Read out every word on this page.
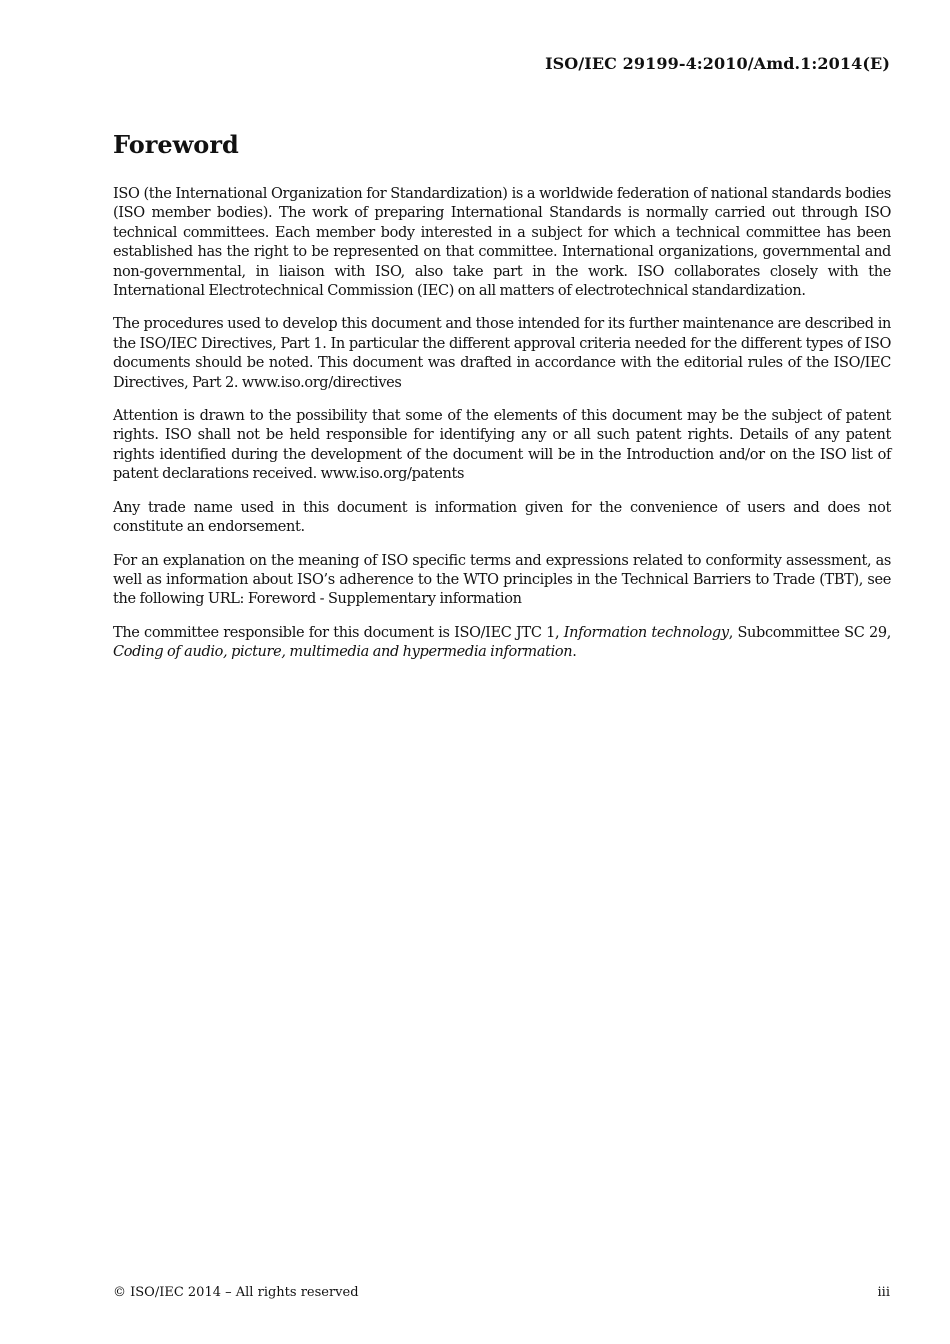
ISO/IEC 29199-4:2010/Amd.1:2014(E)
Foreword

ISO (the International Organization for Standardization) is a worldwide federation of national standards bodies (ISO member bodies). The work of preparing International Standards is normally carried out through ISO technical committees. Each member body interested in a subject for which a technical committee has been established has the right to be represented on that committee. International organizations, governmental and non-governmental, in liaison with ISO, also take part in the work. ISO collaborates closely with the International Electrotechnical Commission (IEC) on all matters of electrotechnical standardization.

The procedures used to develop this document and those intended for its further maintenance are described in the ISO/IEC Directives, Part 1. In particular the different approval criteria needed for the different types of ISO documents should be noted. This document was drafted in accordance with the editorial rules of the ISO/IEC Directives, Part 2. www.iso.org/directives

Attention is drawn to the possibility that some of the elements of this document may be the subject of patent rights. ISO shall not be held responsible for identifying any or all such patent rights. Details of any patent rights identified during the development of the document will be in the Introduction and/or on the ISO list of patent declarations received. www.iso.org/patents

Any trade name used in this document is information given for the convenience of users and does not constitute an endorsement.

For an explanation on the meaning of ISO specific terms and expressions related to conformity assessment, as well as information about ISO’s adherence to the WTO principles in the Technical Barriers to Trade (TBT), see the following URL: Foreword - Supplementary information

The committee responsible for this document is ISO/IEC JTC 1, Information technology, Subcommittee SC 29, Coding of audio, picture, multimedia and hypermedia information.

© ISO/IEC 2014 – All rights reserved	iii
